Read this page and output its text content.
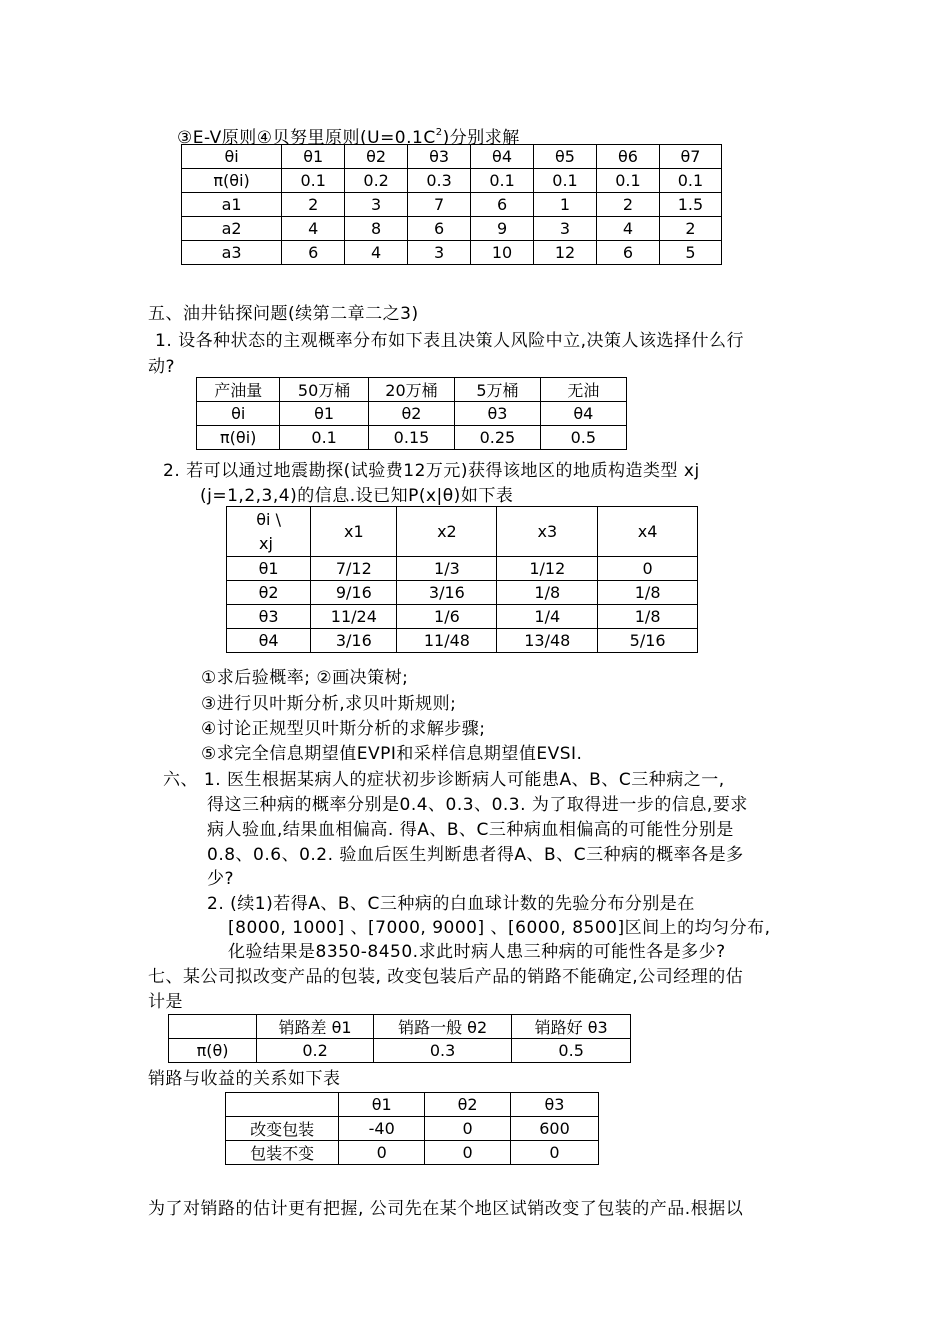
③E-V原则④贝努里原则$(U=0.1C^2)$分别求解
θi	θ1	θ2	θ3	θ4	θ5	θ6	θ7
π(θi)	0.1	0.2	0.3	0.1	0.1	0.1	0.1
a1	2	3	7	6	1	2	1.5
a2	4	8	6	9	3	4	2
a3	6	4	3	10	12	6	5
五、油井钻探问题(续第二章二之3)
1. 设各种状态的主观概率分布如下表且决策人风险中立,决策人该选择什么行
动?
产油量	50万桶	20万桶	5万桶	无油
θi	θ1	θ2	θ3	θ4
π(θi)	0.1	0.15	0.25	0.5
2. 若可以通过地震勘探(试验费12万元)获得该地区的地质构造类型 xj
(j=1,2,3,4)的信息.设已知P(x|θ)如下表
θi \
xj	x1	x2	x3	x4
θ1	7/12	1/3	1/12	0
θ2	9/16	3/16	1/8	1/8
θ3	11/24	1/6	1/4	1/8
θ4	3/16	11/48	13/48	5/16
①求后验概率; ②画决策树;
③进行贝叶斯分析,求贝叶斯规则;
④讨论正规型贝叶斯分析的求解步骤;
⑤求完全信息期望值EVPI和采样信息期望值EVSI.
六、 1. 医生根据某病人的症状初步诊断病人可能患A、B、C三种病之一,
得这三种病的概率分别是0.4、0.3、0.3. 为了取得进一步的信息,要求
病人验血,结果血相偏高. 得A、B、C三种病血相偏高的可能性分别是
0.8、0.6、0.2. 验血后医生判断患者得A、B、C三种病的概率各是多
少?
2. (续1)若得A、B、C三种病的白血球计数的先验分布分别是在
[8000, 1000] 、[7000, 9000] 、[6000, 8500]区间上的均匀分布,
化验结果是8350-8450.求此时病人患三种病的可能性各是多少?
七、某公司拟改变产品的包装, 改变包装后产品的销路不能确定,公司经理的估
计是
	销路差 θ1	销路一般 θ2	销路好 θ3
π(θ)	0.2	0.3	0.5
销路与收益的关系如下表
	θ1	θ2	θ3
改变包装	-40	0	600
包装不变	0	0	0
为了对销路的估计更有把握, 公司先在某个地区试销改变了包装的产品.根据以
